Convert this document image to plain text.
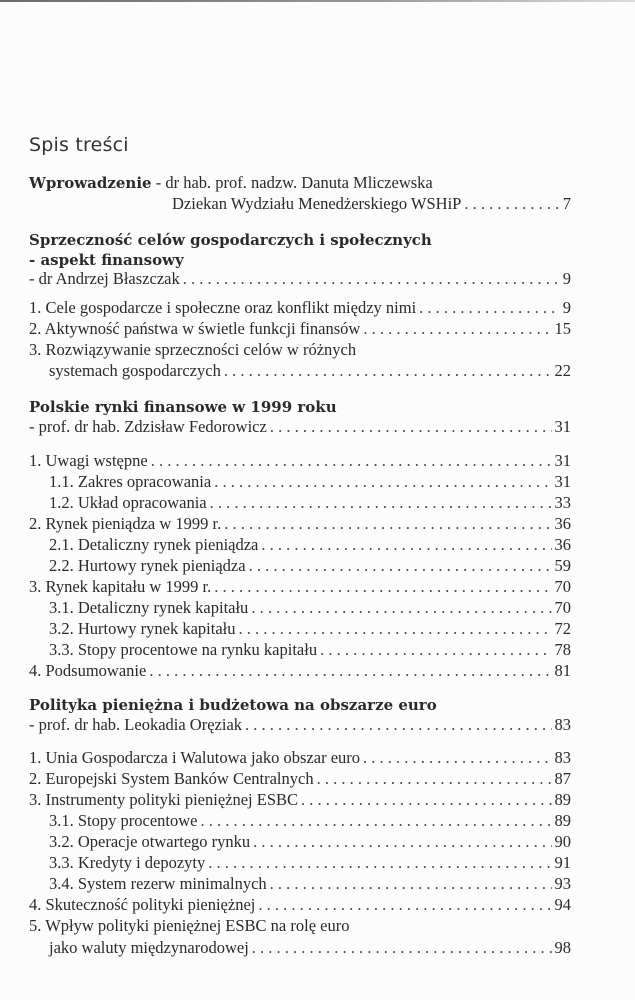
Spis treści
Wprowadzenie - dr hab. prof. nadzw. Danuta Mliczewska
Dziekan Wydziału Menedżerskiego WSHiP . . .	7
Sprzeczność celów gospodarczych i społecznych
- aspekt finansowy
- dr Andrzej Błaszczak . . .	9
1. Cele gospodarcze i społeczne oraz konflikt między nimi . . .	9
2. Aktywność państwa w świetle funkcji finansów . . .	15
3. Rozwiązywanie sprzeczności celów w różnych
systemach gospodarczych . . .	22
Polskie rynki finansowe w 1999 roku
- prof. dr hab. Zdzisław Fedorowicz . . .	31
1. Uwagi wstępne . . .	31
1.1. Zakres opracowania . . .	31
1.2. Układ opracowania . . .	33
2. Rynek pieniądza w 1999 r. . . .	36
2.1. Detaliczny rynek pieniądza . . .	36
2.2. Hurtowy rynek pieniądza . . .	59
3. Rynek kapitału w 1999 r. . . .	70
3.1. Detaliczny rynek kapitału . . .	70
3.2. Hurtowy rynek kapitału . . .	72
3.3. Stopy procentowe na rynku kapitału . . .	78
4. Podsumowanie . . .	81
Polityka pieniężna i budżetowa na obszarze euro
- prof. dr hab. Leokadia Oręziak . . .	83
1. Unia Gospodarcza i Walutowa jako obszar euro . . .	83
2. Europejski System Banków Centralnych . . .	87
3. Instrumenty polityki pieniężnej ESBC . . .	89
3.1. Stopy procentowe . . .	89
3.2. Operacje otwartego rynku . . .	90
3.3. Kredyty i depozyty . . .	91
3.4. System rezerw minimalnych . . .	93
4. Skuteczność polityki pieniężnej . . .	94
5. Wpływ polityki pieniężnej ESBC na rolę euro
jako waluty międzynarodowej . . .	98
